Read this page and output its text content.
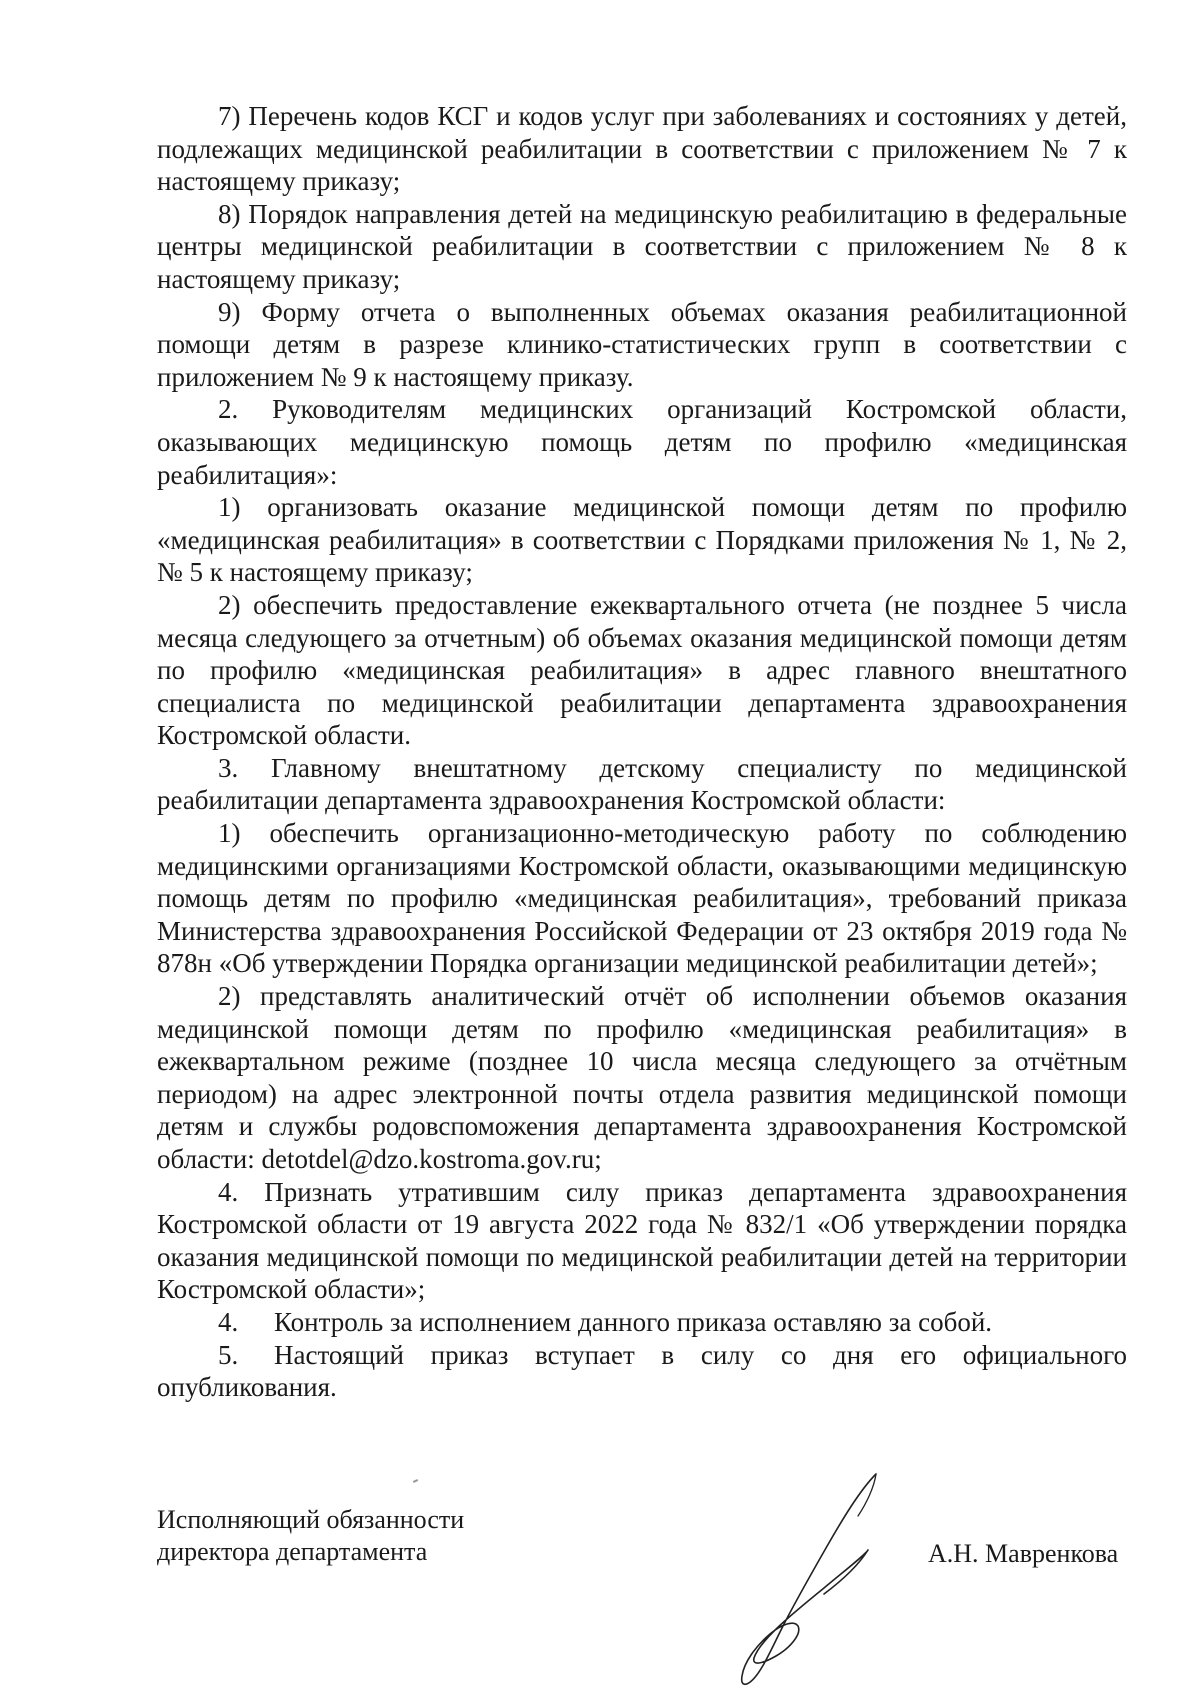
7) Перечень кодов КСГ и кодов услуг при заболеваниях и состояниях у детей, подлежащих медицинской реабилитации в соответствии с приложением № 7 к настоящему приказу;

8) Порядок направления детей на медицинскую реабилитацию в федеральные центры медицинской реабилитации в соответствии с приложением № 8 к настоящему приказу;

9) Форму отчета о выполненных объемах оказания реабилитационной помощи детям в разрезе клинико-статистических групп в соответствии с приложением № 9 к настоящему приказу.

2. Руководителям медицинских организаций Костромской области, оказывающих медицинскую помощь детям по профилю «медицинская реабилитация»:

1) организовать оказание медицинской помощи детям по профилю «медицинская реабилитация» в соответствии с Порядками приложения № 1, № 2, № 5 к настоящему приказу;

2) обеспечить предоставление ежеквартального отчета (не позднее 5 числа месяца следующего за отчетным) об объемах оказания медицинской помощи детям по профилю «медицинская реабилитация» в адрес главного внештатного специалиста по медицинской реабилитации департамента здравоохранения Костромской области.

3. Главному внештатному детскому специалисту по медицинской реабилитации департамента здравоохранения Костромской области:

1) обеспечить организационно-методическую работу по соблюдению медицинскими организациями Костромской области, оказывающими медицинскую помощь детям по профилю «медицинская реабилитация», требований приказа Министерства здравоохранения Российской Федерации от 23 октября 2019 года № 878н «Об утверждении Порядка организации медицинской реабилитации детей»;

2) представлять аналитический отчёт об исполнении объемов оказания медицинской помощи детям по профилю «медицинская реабилитация» в ежеквартальном режиме (позднее 10 числа месяца следующего за отчётным периодом) на адрес электронной почты отдела развития медицинской помощи детям и службы родовспоможения департамента здравоохранения Костромской области: detotdel@dzo.kostroma.gov.ru;

4. Признать утратившим силу приказ департамента здравоохранения Костромской области от 19 августа 2022 года № 832/1 «Об утверждении порядка оказания медицинской помощи по медицинской реабилитации детей на территории Костромской области»;

4. Контроль за исполнением данного приказа оставляю за собой.

5. Настоящий приказ вступает в силу со дня его официального опубликования.

Исполняющий обязанности
директора департамента	А.Н. Мавренкова
